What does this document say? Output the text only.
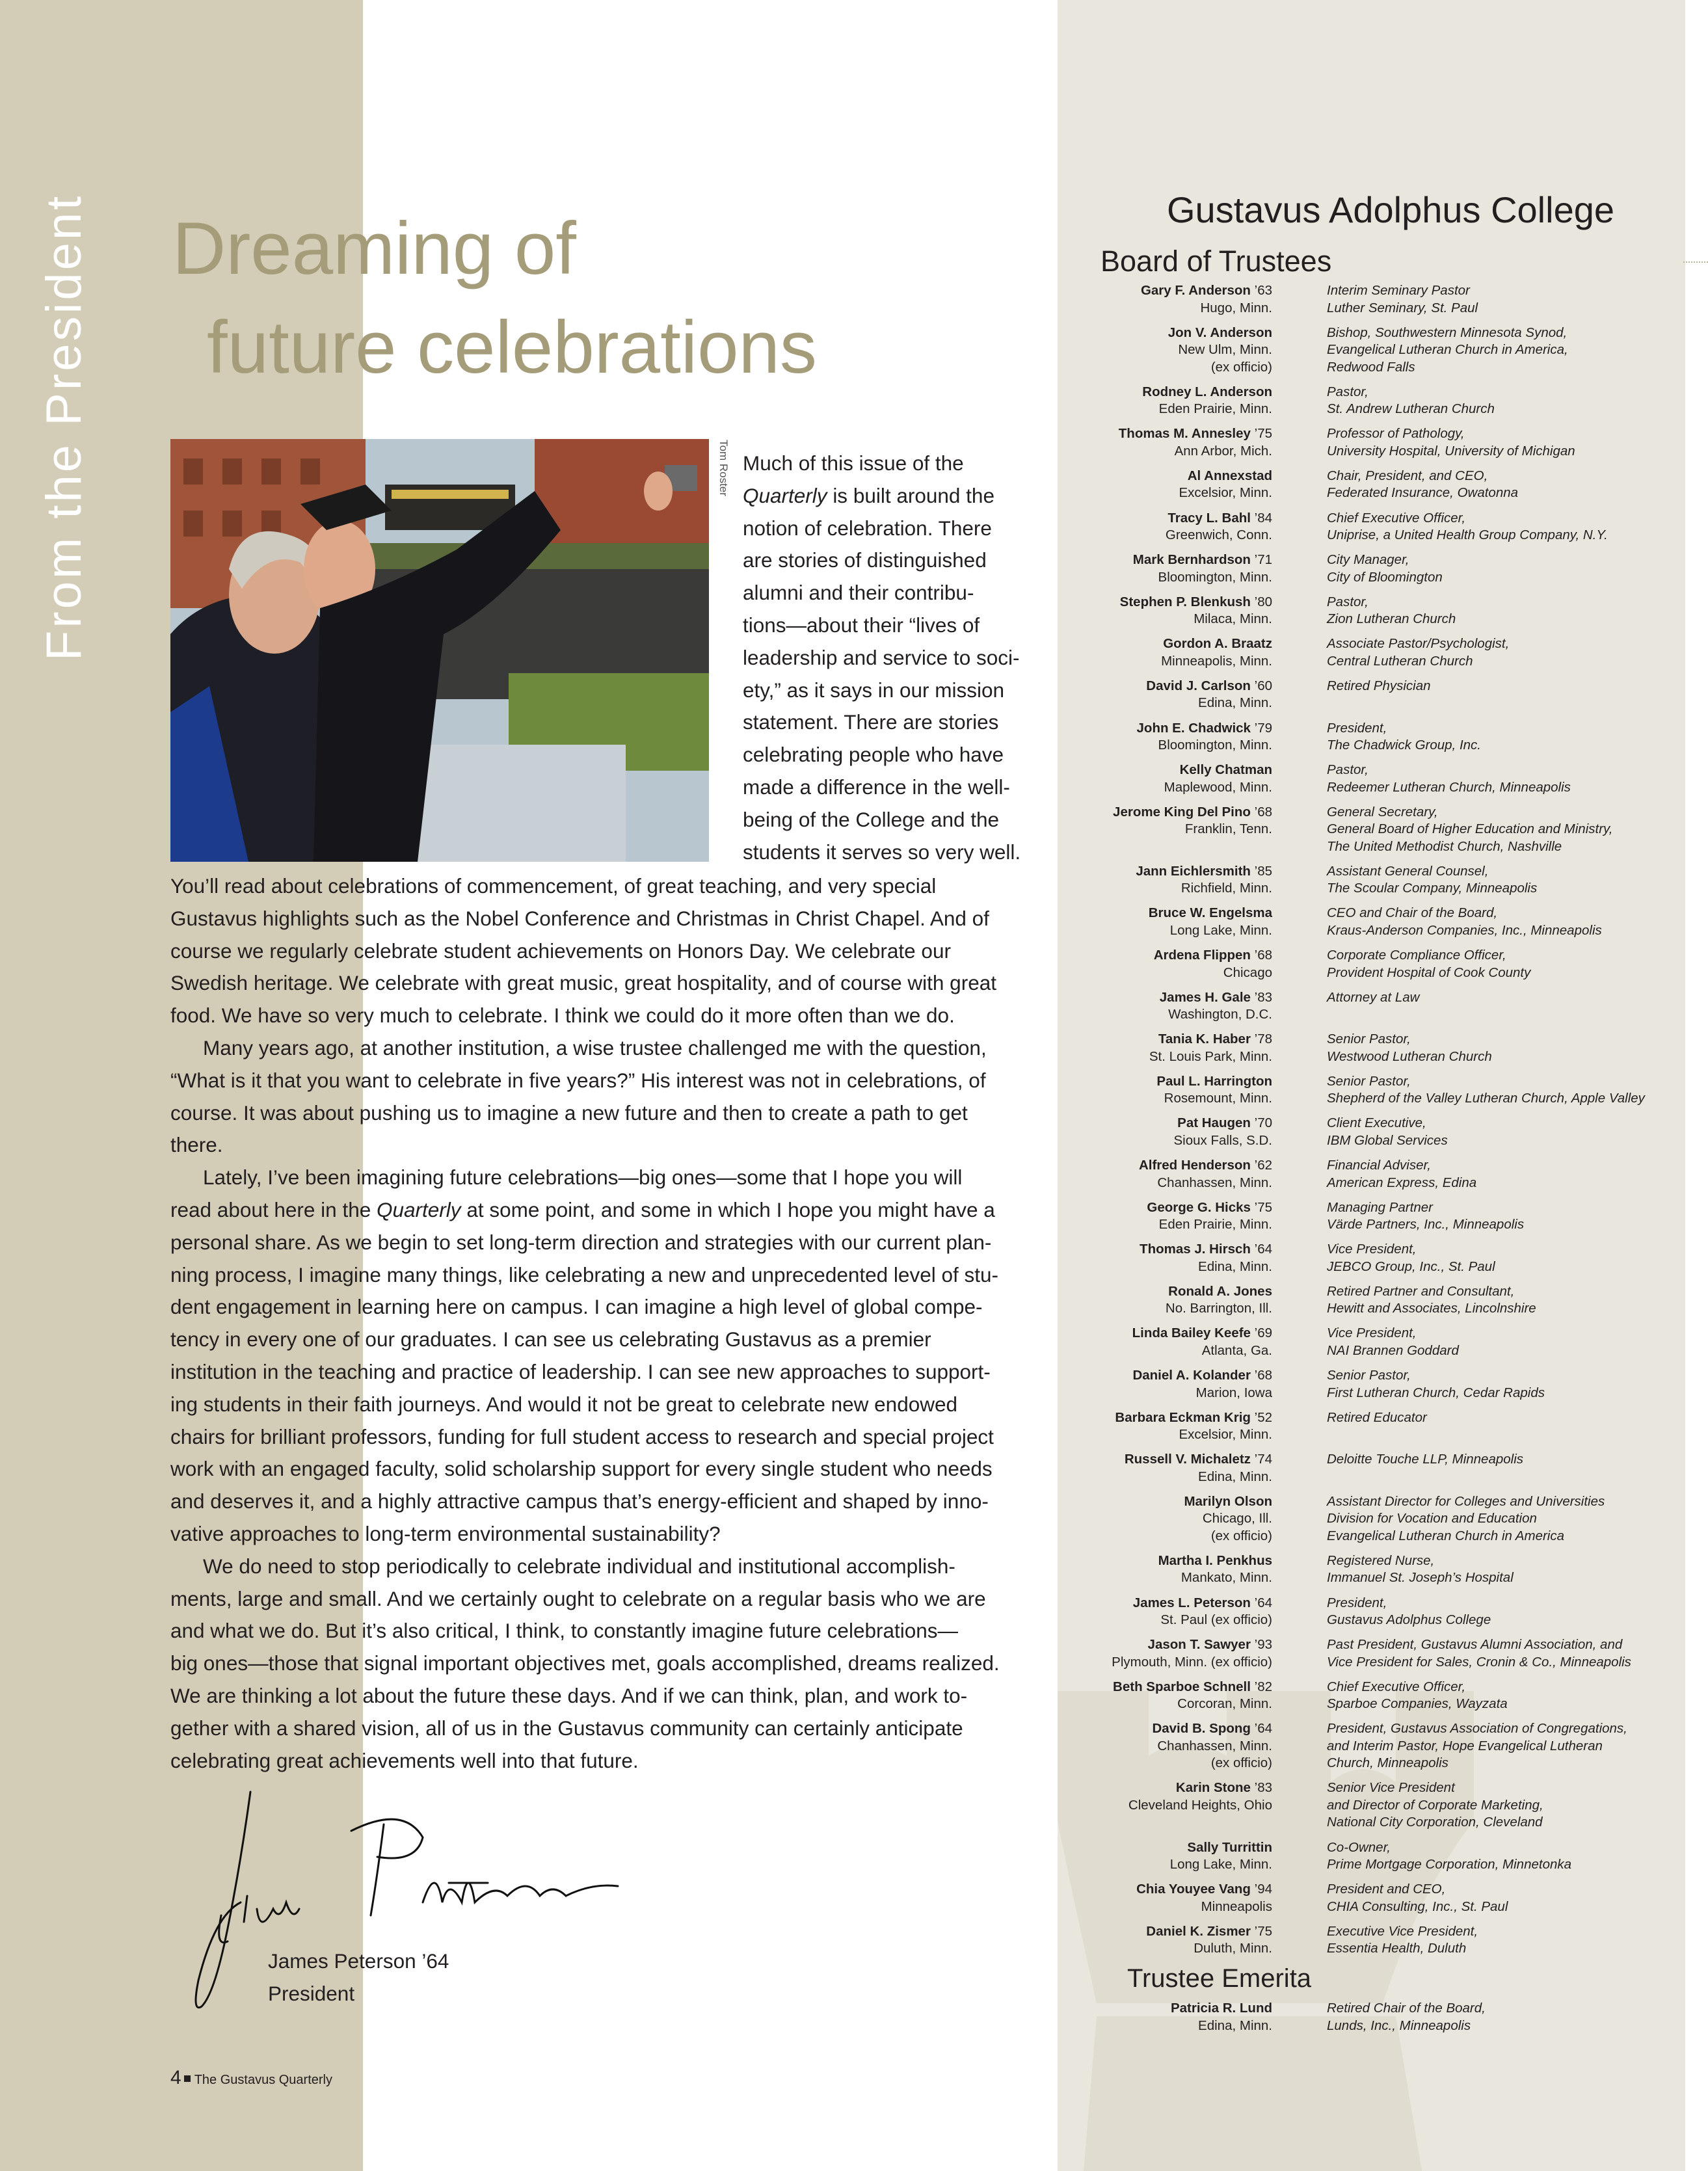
From the President Dreaming of
future celebrations
Tom Roster Much of this issue of the
Quarterly is built around the
notion of celebration. There
are stories of distinguished
alumni and their contribu-
tions—about their “lives of
leadership and service to soci-
ety,” as it says in our mission
statement. There are stories
celebrating people who have
made a difference in the well-
being of the College and the
students it serves so very well.
You’ll read about celebrations of commencement, of great teaching, and very special
Gustavus highlights such as the Nobel Conference and Christmas in Christ Chapel. And of
course we regularly celebrate student achievements on Honors Day. We celebrate our
Swedish heritage. We celebrate with great music, great hospitality, and of course with great
food. We have so very much to celebrate. I think we could do it more often than we do.
Many years ago, at another institution, a wise trustee challenged me with the question,
“What is it that you want to celebrate in five years?” His interest was not in celebrations, of
course. It was about pushing us to imagine a new future and then to create a path to get
there.
Lately, I’ve been imagining future celebrations—big ones—some that I hope you will
read about here in the Quarterly at some point, and some in which I hope you might have a
personal share. As we begin to set long-term direction and strategies with our current plan-
ning process, I imagine many things, like celebrating a new and unprecedented level of stu-
dent engagement in learning here on campus. I can imagine a high level of global compe-
tency in every one of our graduates. I can see us celebrating Gustavus as a premier
institution in the teaching and practice of leadership. I can see new approaches to support-
ing students in their faith journeys. And would it not be great to celebrate new endowed
chairs for brilliant professors, funding for full student access to research and special project
work with an engaged faculty, solid scholarship support for every single student who needs
and deserves it, and a highly attractive campus that’s energy-efficient and shaped by inno-
vative approaches to long-term environmental sustainability?
We do need to stop periodically to celebrate individual and institutional accomplish-
ments, large and small. And we certainly ought to celebrate on a regular basis who we are
and what we do. But it’s also critical, I think, to constantly imagine future celebrations—
big ones—those that signal important objectives met, goals accomplished, dreams realized.
We are thinking a lot about the future these days. And if we can think, plan, and work to-
gether with a shared vision, all of us in the Gustavus community can certainly anticipate
celebrating great achievements well into that future.
James Peterson ’64
President
4 The Gustavus Quarterly
Gustavus Adolphus College
Board of Trustees
Gary F. Anderson ’63
Hugo, Minn.
Interim Seminary Pastor
Luther Seminary, St. Paul
Jon V. Anderson
New Ulm, Minn.
(ex officio)
Bishop, Southwestern Minnesota Synod,
Evangelical Lutheran Church in America,
Redwood Falls
Rodney L. Anderson
Eden Prairie, Minn.
Pastor,
St. Andrew Lutheran Church
Thomas M. Annesley ’75
Ann Arbor, Mich.
Professor of Pathology,
University Hospital, University of Michigan
Al Annexstad
Excelsior, Minn.
Chair, President, and CEO,
Federated Insurance, Owatonna
Tracy L. Bahl ’84
Greenwich, Conn.
Chief Executive Officer,
Uniprise, a United Health Group Company, N.Y.
Mark Bernhardson ’71
Bloomington, Minn.
City Manager,
City of Bloomington
Stephen P. Blenkush ’80
Milaca, Minn.
Pastor,
Zion Lutheran Church
Gordon A. Braatz
Minneapolis, Minn.
Associate Pastor/Psychologist,
Central Lutheran Church
David J. Carlson ’60
Edina, Minn.
Retired Physician
John E. Chadwick ’79
Bloomington, Minn.
President,
The Chadwick Group, Inc.
Kelly Chatman
Maplewood, Minn.
Pastor,
Redeemer Lutheran Church, Minneapolis
Jerome King Del Pino ’68
Franklin, Tenn.
General Secretary,
General Board of Higher Education and Ministry,
The United Methodist Church, Nashville
Jann Eichlersmith ’85
Richfield, Minn.
Assistant General Counsel,
The Scoular Company, Minneapolis
Bruce W. Engelsma
Long Lake, Minn.
CEO and Chair of the Board,
Kraus-Anderson Companies, Inc., Minneapolis
Ardena Flippen ’68
Chicago
Corporate Compliance Officer,
Provident Hospital of Cook County
James H. Gale ’83
Washington, D.C.
Attorney at Law
Tania K. Haber ’78
St. Louis Park, Minn.
Senior Pastor,
Westwood Lutheran Church
Paul L. Harrington
Rosemount, Minn.
Senior Pastor,
Shepherd of the Valley Lutheran Church, Apple Valley
Pat Haugen ’70
Sioux Falls, S.D.
Client Executive,
IBM Global Services
Alfred Henderson ’62
Chanhassen, Minn.
Financial Adviser,
American Express, Edina
George G. Hicks ’75
Eden Prairie, Minn.
Managing Partner
Värde Partners, Inc., Minneapolis
Thomas J. Hirsch ’64
Edina, Minn.
Vice President,
JEBCO Group, Inc., St. Paul
Ronald A. Jones
No. Barrington, Ill.
Retired Partner and Consultant,
Hewitt and Associates, Lincolnshire
Linda Bailey Keefe ’69
Atlanta, Ga.
Vice President,
NAI Brannen Goddard
Daniel A. Kolander ’68
Marion, Iowa
Senior Pastor,
First Lutheran Church, Cedar Rapids
Barbara Eckman Krig ’52
Excelsior, Minn.
Retired Educator
Russell V. Michaletz ’74
Edina, Minn.
Deloitte Touche LLP, Minneapolis
Marilyn Olson
Chicago, Ill.
(ex officio)
Assistant Director for Colleges and Universities
Division for Vocation and Education
Evangelical Lutheran Church in America
Martha I. Penkhus
Mankato, Minn.
Registered Nurse,
Immanuel St. Joseph’s Hospital
James L. Peterson ’64
St. Paul (ex officio)
President,
Gustavus Adolphus College
Jason T. Sawyer ’93
Plymouth, Minn. (ex officio)
Past President, Gustavus Alumni Association, and
Vice President for Sales, Cronin & Co., Minneapolis
Beth Sparboe Schnell ’82
Corcoran, Minn.
Chief Executive Officer,
Sparboe Companies, Wayzata
David B. Spong ’64
Chanhassen, Minn.
(ex officio)
President, Gustavus Association of Congregations,
and Interim Pastor, Hope Evangelical Lutheran
Church, Minneapolis
Karin Stone ’83
Cleveland Heights, Ohio
Senior Vice President
and Director of Corporate Marketing,
National City Corporation, Cleveland
Sally Turrittin
Long Lake, Minn.
Co-Owner,
Prime Mortgage Corporation, Minnetonka
Chia Youyee Vang ’94
Minneapolis
President and CEO,
CHIA Consulting, Inc., St. Paul
Daniel K. Zismer ’75
Duluth, Minn.
Executive Vice President,
Essentia Health, Duluth
Trustee Emerita
Patricia R. Lund
Edina, Minn.
Retired Chair of the Board,
Lunds, Inc., Minneapolis
